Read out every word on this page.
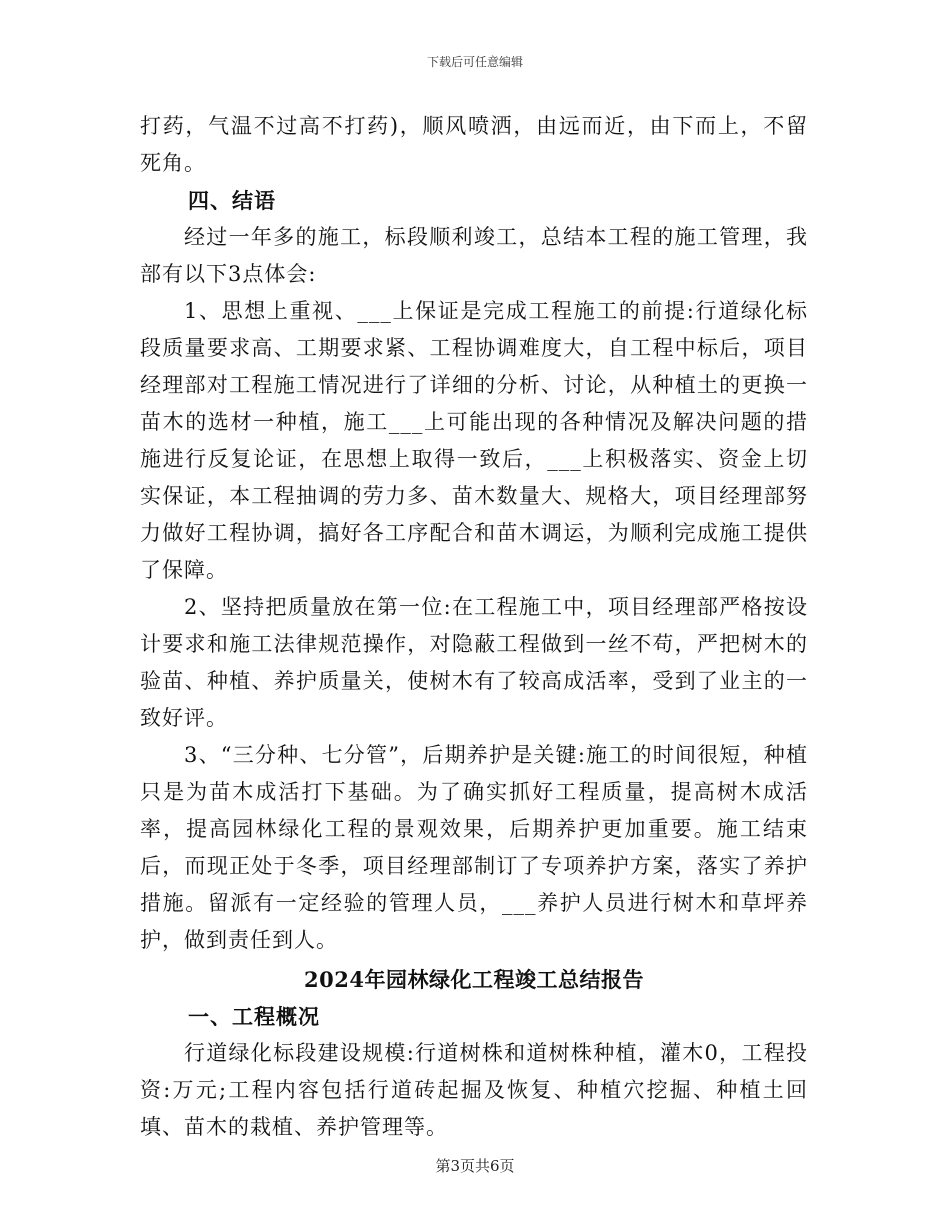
下载后可任意编辑

打药，气温不过高不打药)，顺风喷洒，由远而近，由下而上，不留死角。

四、结语

经过一年多的施工，标段顺利竣工，总结本工程的施工管理，我部有以下3点体会:

1、思想上重视、___上保证是完成工程施工的前提:行道绿化标段质量要求高、工期要求紧、工程协调难度大，自工程中标后，项目经理部对工程施工情况进行了详细的分析、讨论，从种植土的更换一苗木的选材一种植，施工___上可能出现的各种情况及解决问题的措施进行反复论证，在思想上取得一致后，___上积极落实、资金上切实保证，本工程抽调的劳力多、苗木数量大、规格大，项目经理部努力做好工程协调，搞好各工序配合和苗木调运，为顺利完成施工提供了保障。

2、坚持把质量放在第一位:在工程施工中，项目经理部严格按设计要求和施工法律规范操作，对隐蔽工程做到一丝不苟，严把树木的验苗、种植、养护质量关，使树木有了较高成活率，受到了业主的一致好评。

3、“三分种、七分管”，后期养护是关键:施工的时间很短，种植只是为苗木成活打下基础。为了确实抓好工程质量，提高树木成活率，提高园林绿化工程的景观效果，后期养护更加重要。施工结束后，而现正处于冬季，项目经理部制订了专项养护方案，落实了养护措施。留派有一定经验的管理人员，___养护人员进行树木和草坪养护，做到责任到人。

2024年园林绿化工程竣工总结报告

一、工程概况

行道绿化标段建设规模:行道树株和道树株种植，灌木0，工程投资:万元;工程内容包括行道砖起掘及恢复、种植穴挖掘、种植土回填、苗木的栽植、养护管理等。

第3页共6页
